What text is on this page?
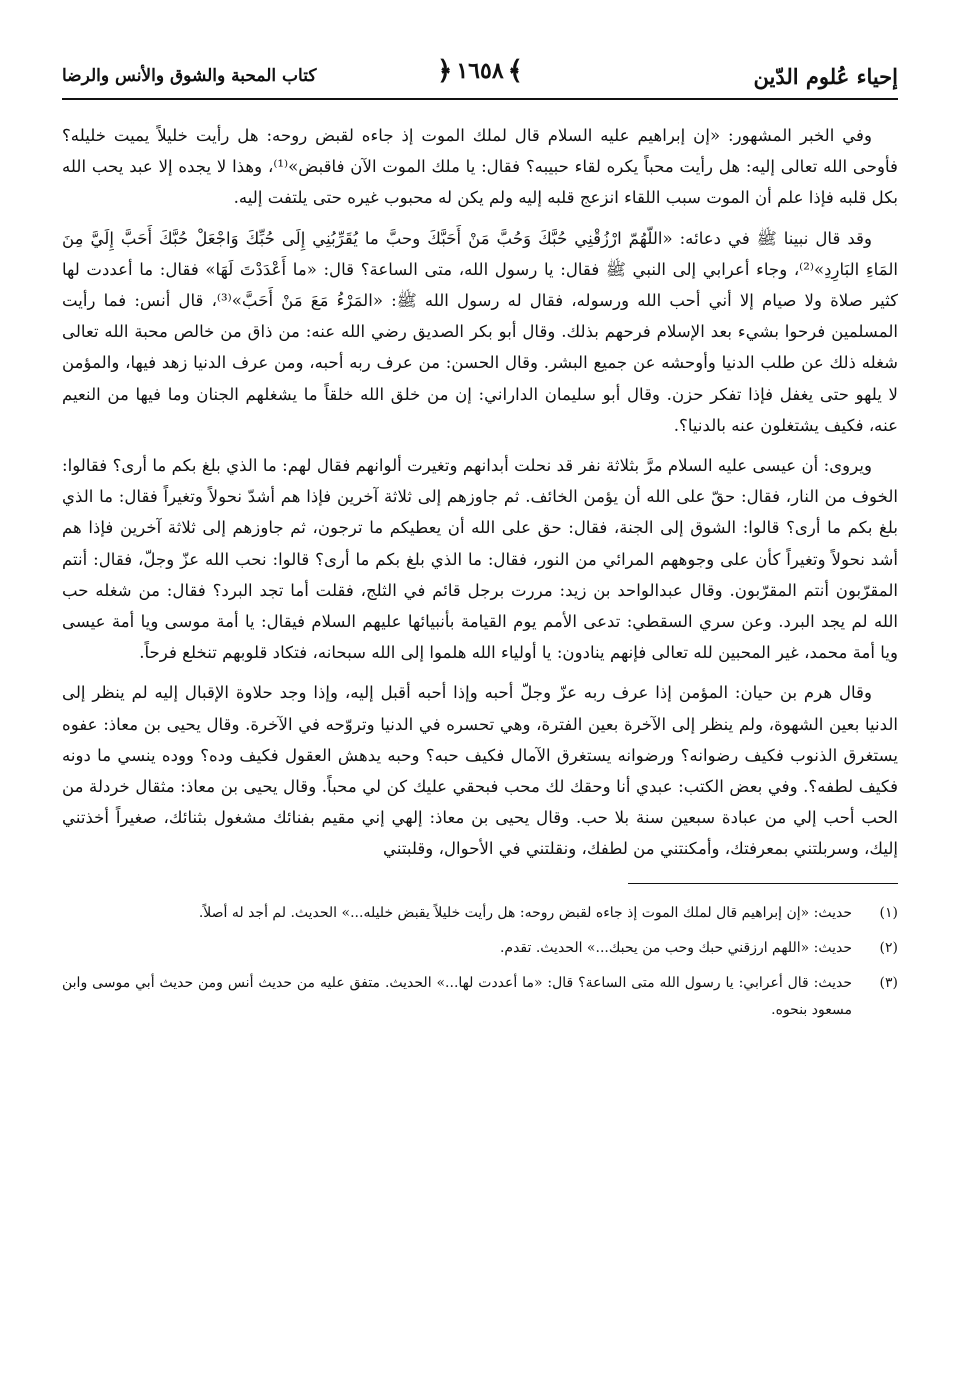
إحياء عُلوم الدّين
﴾
١٦٥٨
﴿
كتاب المحبة والشوق والأنس والرضا

وفي الخبر المشهور: «إن إبراهيم عليه السلام قال لملك الموت إذ جاءه لقبض روحه: هل رأيت خليلاً يميت خليله؟ فأوحى الله تعالى إليه: هل رأيت محباً يكره لقاء حبيبه؟ فقال: يا ملك الموت الآن فاقبض»⁽¹⁾، وهذا لا يجده إلا عبد يحب الله بكل قلبه فإذا علم أن الموت سبب اللقاء انزعج قلبه إليه ولم يكن له محبوب غيره حتى يلتفت إليه.

وقد قال نبينا ﷺ في دعائه: «اللّهُمّ ارْزُقْنِي حُبَّكَ وَحُبَّ مَنْ أَحَبَّكَ وحبَّ ما يُقَرِّبُنِي إِلَى حُبِّكَ وَاجْعَلْ حُبَّكَ أَحَبَّ إِلَيَّ مِنَ المَاءِ البَارِدِ»⁽²⁾، وجاء أعرابي إلى النبي ﷺ فقال: يا رسول الله، متى الساعة؟ قال: «ما أَعْدَدْتَ لَهَا» فقال: ما أعددت لها كثير صلاة ولا صيام إلا أني أحب الله ورسوله، فقال له رسول الله ﷺ: «المَرْءُ مَعَ مَنْ أَحَبَّ»⁽³⁾، قال أنس: فما رأيت المسلمين فرحوا بشيء بعد الإسلام فرحهم بذلك. وقال أبو بكر الصديق رضي الله عنه: من ذاق من خالص محبة الله تعالى شغله ذلك عن طلب الدنيا وأوحشه عن جميع البشر. وقال الحسن: من عرف ربه أحبه، ومن عرف الدنيا زهد فيها، والمؤمن لا يلهو حتى يغفل فإذا تفكر حزن. وقال أبو سليمان الداراني: إن من خلق الله خلقاً ما يشغلهم الجنان وما فيها من النعيم عنه، فكيف يشتغلون عنه بالدنيا؟.

ويروى: أن عيسى عليه السلام مرَّ بثلاثة نفر قد نحلت أبدانهم وتغيرت ألوانهم فقال لهم: ما الذي بلغ بكم ما أرى؟ فقالوا: الخوف من النار، فقال: حقّ على الله أن يؤمن الخائف. ثم جاوزهم إلى ثلاثة آخرين فإذا هم أشدّ نحولاً وتغيراً فقال: ما الذي بلغ بكم ما أرى؟ قالوا: الشوق إلى الجنة، فقال: حق على الله أن يعطيكم ما ترجون، ثم جاوزهم إلى ثلاثة آخرين فإذا هم أشد نحولاً وتغيراً كأن على وجوههم المرائي من النور، فقال: ما الذي بلغ بكم ما أرى؟ قالوا: نحب الله عزّ وجلّ، فقال: أنتم المقرّبون أنتم المقرّبون. وقال عبدالواحد بن زيد: مررت برجل قائم في الثلج، فقلت أما تجد البرد؟ فقال: من شغله حب الله لم يجد البرد. وعن سري السقطي: تدعى الأمم يوم القيامة بأنبيائها عليهم السلام فيقال: يا أمة موسى ويا أمة عيسى ويا أمة محمد، غير المحبين لله تعالى فإنهم ينادون: يا أولياء الله هلموا إلى الله سبحانه، فتكاد قلوبهم تنخلع فرحاً.

وقال هرم بن حيان: المؤمن إذا عرف ربه عزّ وجلّ أحبه وإذا أحبه أقبل إليه، وإذا وجد حلاوة الإقبال إليه لم ينظر إلى الدنيا بعين الشهوة، ولم ينظر إلى الآخرة بعين الفترة، وهي تحسره في الدنيا وتروّحه في الآخرة. وقال يحيى بن معاذ: عفوه يستغرق الذنوب فكيف رضوانه؟ ورضوانه يستغرق الآمال فكيف حبه؟ وحبه يدهش العقول فكيف وده؟ ووده ينسي ما دونه فكيف لطفه؟. وفي بعض الكتب: عبدي أنا وحقك لك محب فبحقي عليك كن لي محباً. وقال يحيى بن معاذ: مثقال خردلة من الحب أحب إلي من عبادة سبعين سنة بلا حب. وقال يحيى بن معاذ: إلهي إني مقيم بفنائك مشغول بثنائك، صغيراً أخذتني إليك، وسربلتني بمعرفتك، وأمكنتني من لطفك، ونقلتني في الأحوال، وقلبتني

(١)
حديث: «إن إبراهيم قال لملك الموت إذ جاءه لقبض روحه: هل رأيت خليلاً يقبض خليله...» الحديث. لم أجد له أصلاً.
(٢)
حديث: «اللهم ارزقني حبك وحب من يحبك...» الحديث. تقدم.
(٣)
حديث: قال أعرابي: يا رسول الله متى الساعة؟ قال: «ما أعددت لها...» الحديث. متفق عليه من حديث أنس ومن حديث أبي موسى وابن مسعود بنحوه.
